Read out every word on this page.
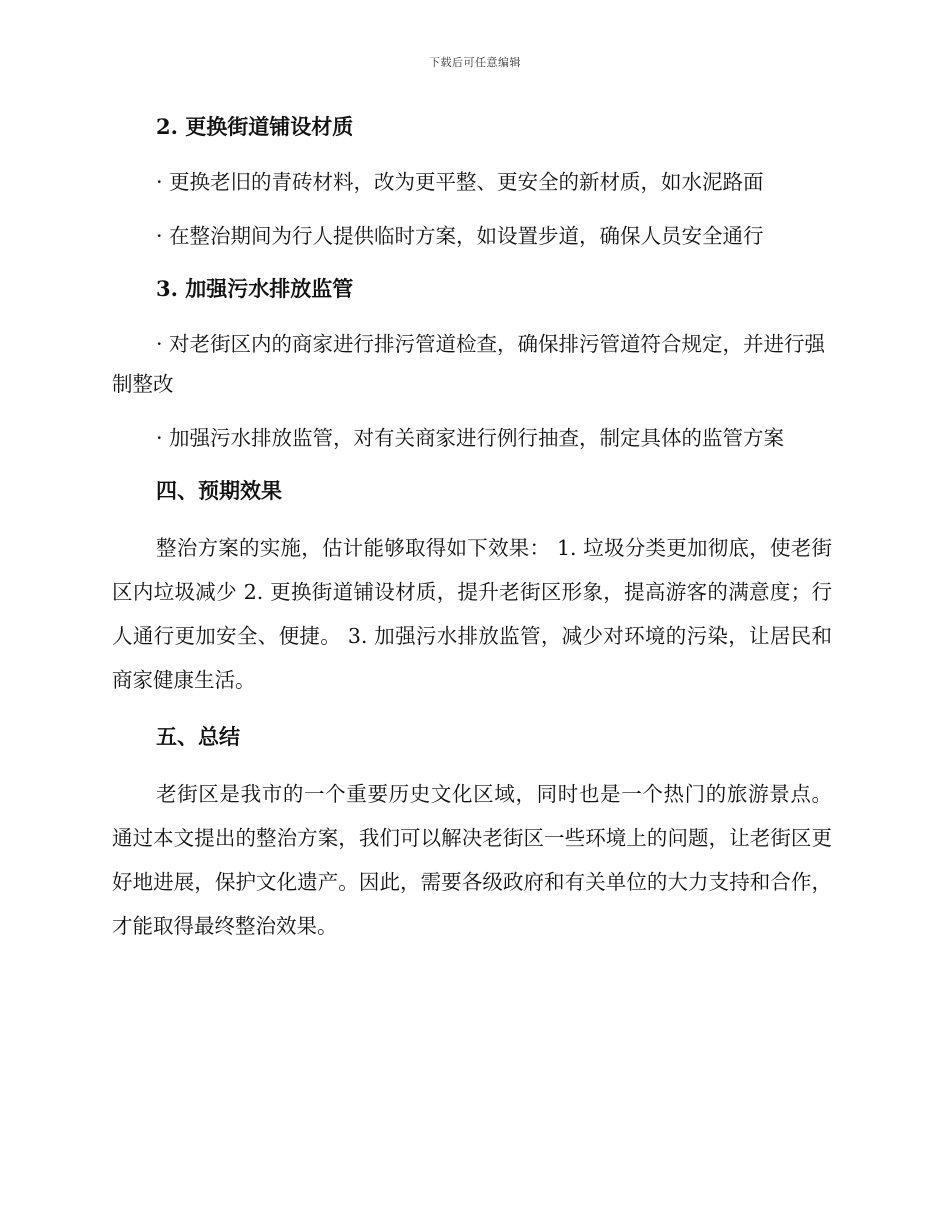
下载后可任意编辑
2. 更换街道铺设材质
· 更换老旧的青砖材料，改为更平整、更安全的新材质，如水泥路面
· 在整治期间为行人提供临时方案，如设置步道，确保人员安全通行
3. 加强污水排放监管
· 对老街区内的商家进行排污管道检查，确保排污管道符合规定，并进行强制整改
· 加强污水排放监管，对有关商家进行例行抽查，制定具体的监管方案
四、预期效果
整治方案的实施，估计能够取得如下效果： 1. 垃圾分类更加彻底，使老街区内垃圾减少 2. 更换街道铺设材质，提升老街区形象，提高游客的满意度；行人通行更加安全、便捷。 3. 加强污水排放监管，减少对环境的污染，让居民和商家健康生活。
五、总结
老街区是我市的一个重要历史文化区域，同时也是一个热门的旅游景点。通过本文提出的整治方案，我们可以解决老街区一些环境上的问题，让老街区更好地进展，保护文化遗产。因此，需要各级政府和有关单位的大力支持和合作，才能取得最终整治效果。
